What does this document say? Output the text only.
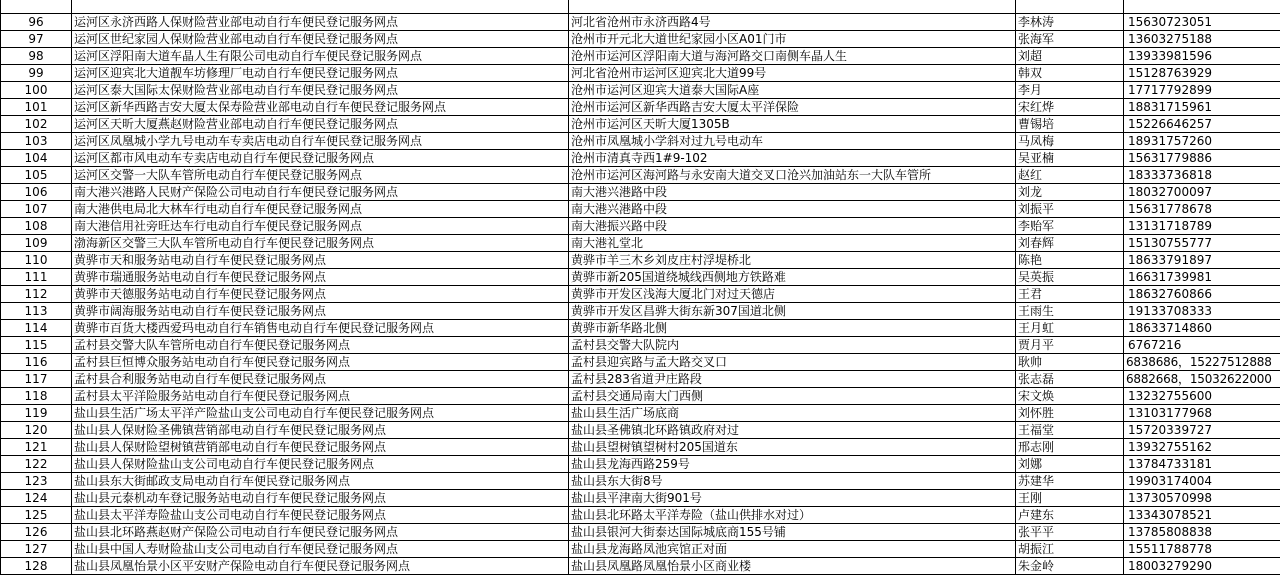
96	运河区永济西路人保财险营业部电动自行车便民登记服务网点	河北省沧州市永济西路4号	李林涛	15630723051
97	运河区世纪家园人保财险营业部电动自行车便民登记服务网点	沧州市开元北大道世纪家园小区A01门市	张海军	13603275188
98	运河区浮阳南大道车晶人生有限公司电动自行车便民登记服务网点	沧州市运河区浮阳南大道与海河路交口南侧车晶人生	刘超	13933981596
99	运河区迎宾北大道靓车坊修理厂电动自行车便民登记服务网点	河北省沧州市运河区迎宾北大道99号	韩双	15128763929
100	运河区泰大国际太保财险营业部电动自行车便民登记服务网点	沧州市运河区迎宾大道泰大国际A座	李月	17717792899
101	运河区新华西路吉安大厦太保寿险营业部电动自行车便民登记服务网点	沧州市运河区新华西路吉安大厦太平洋保险	宋红烨	18831715961
102	运河区天昕大厦燕赵财险营业部电动自行车便民登记服务网点	沧州市运河区天昕大厦1305B	曹锡培	15226646257
103	运河区凤凰城小学九号电动车专卖店电动自行车便民登记服务网点	沧州市凤凰城小学斜对过九号电动车	马凤梅	18931757260
104	运河区都市风电动车专卖店电动自行车便民登记服务网点	沧州市清真寺西1#9-102	吴亚楠	15631779886
105	运河区交警一大队车管所电动自行车便民登记服务网点	沧州市运河区海河路与永安南大道交叉口沧兴加油站东一大队车管所	赵红	18333736818
106	南大港兴港路人民财产保险公司电动自行车便民登记服务网点	南大港兴港路中段	刘龙	18032700097
107	南大港供电局北大林车行电动自行车便民登记服务网点	南大港兴港路中段	刘振平	15631778678
108	南大港信用社旁旺达车行电动自行车便民登记服务网点	南大港振兴路中段	李贻军	13131718789
109	渤海新区交警三大队车管所电动自行车便民登记服务网点	南大港礼堂北	刘春辉	15130755777
110	黄骅市天和服务站电动自行车便民登记服务网点	黄骅市羊三木乡刘皮庄村浮堤桥北	陈艳	18633791897
111	黄骅市瑞通服务站电动自行车便民登记服务网点	黄骅市新205国道绕城线西侧地方铁路难	吴英振	16631739981
112	黄骅市天德服务站电动自行车便民登记服务网点	黄骅市开发区浅海大厦北门对过天德店	王君	18632760866
113	黄骅市阔海服务站电动自行车便民登记服务网点	黄骅市开发区昌骅大街东新307国道北侧	王雨生	19133708333
114	黄骅市百货大楼西爱玛电动自行车销售电动自行车便民登记服务网点	黄骅市新华路北侧	王月虹	18633714860
115	孟村县交警大队车管所电动自行车便民登记服务网点	孟村县交警大队院内	贾月平	6767216
116	孟村县巨恒博众服务站电动自行车便民登记服务网点	孟村县迎宾路与孟大路交叉口	耿帅	6838686，15227512888
117	孟村县合利服务站电动自行车便民登记服务网点	孟村县283省道尹庄路段	张志磊	6882668，15032622000
118	孟村县太平洋险服务站电动自行车便民登记服务网点	孟村县交通局南大门西侧	宋文焕	13232755600
119	盐山县生活广场太平洋产险盐山支公司电动自行车便民登记服务网点	盐山县生活广场底商	刘怀胜	13103177968
120	盐山县人保财险圣佛镇营销部电动自行车便民登记服务网点	盐山县圣佛镇北环路镇政府对过	王福堂	15720339727
121	盐山县人保财险望树镇营销部电动自行车便民登记服务网点	盐山县望树镇望树村205国道东	邢志刚	13932755162
122	盐山县人保财险盐山支公司电动自行车便民登记服务网点	盐山县龙海西路259号	刘娜	13784733181
123	盐山县东大街邮政支局电动自行车便民登记服务网点	盐山县东大街8号	苏建华	19903174004
124	盐山县元泰机动车登记服务站电动自行车便民登记服务网点	盐山县平津南大街901号	王刚	13730570998
125	盐山县太平洋寿险盐山支公司电动自行车便民登记服务网点	盐山县北环路太平洋寿险（盐山供排水对过）	卢建东	13343078521
126	盐山县北环路燕赵财产保险公司电动自行车便民登记服务网点	盐山县银河大街泰达国际城底商155号铺	张平平	13785808838
127	盐山县中国人寿财险盐山支公司电动自行车便民登记服务网点	盐山县龙海路凤池宾馆正对面	胡振江	15511788778
128	盐山县凤凰怡景小区平安财产保险电动自行车便民登记服务网点	盐山县凤凰路凤凰怡景小区商业楼	朱金岭	18003279290
